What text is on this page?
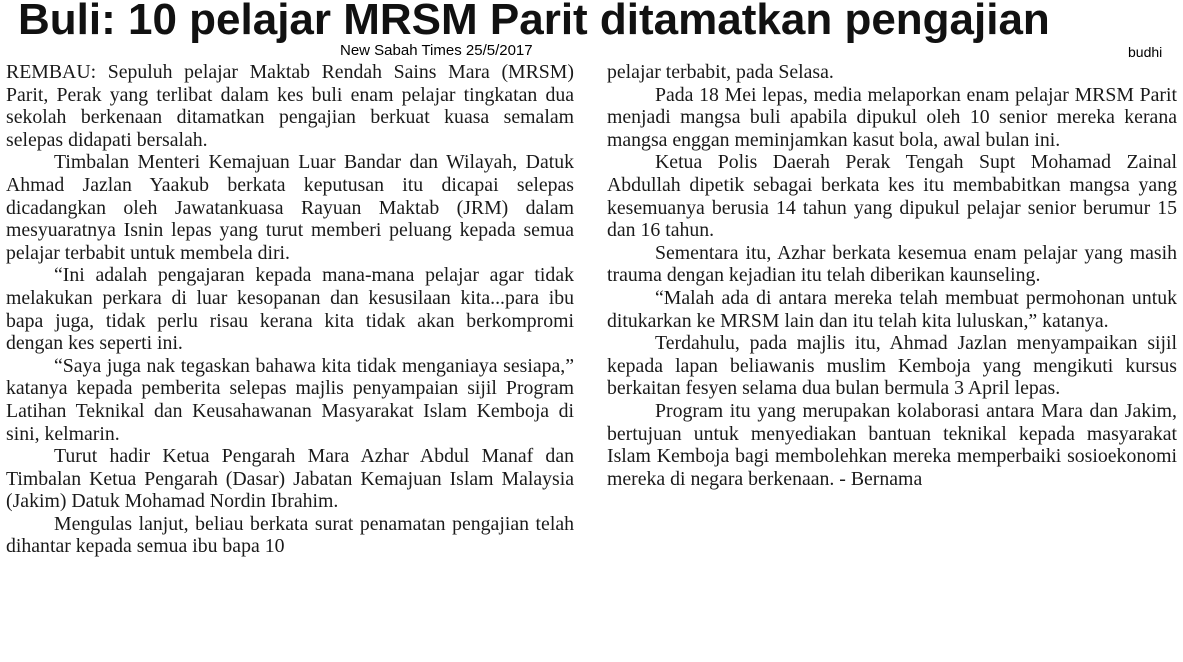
Buli: 10 pelajar MRSM Parit ditamatkan pengajian
New Sabah Times 25/5/2017	budhi

REMBAU: Sepuluh pelajar Maktab Rendah Sains Mara (MRSM) Parit, Perak yang terlibat dalam kes buli enam pelajar tingkatan dua sekolah berkenaan ditamatkan pengajian berkuat kuasa semalam selepas didapati bersalah.

Timbalan Menteri Kemajuan Luar Bandar dan Wilayah, Datuk Ahmad Jazlan Yaakub berkata keputusan itu dicapai selepas dicadangkan oleh Jawatankuasa Rayuan Maktab (JRM) dalam mesyuaratnya Isnin lepas yang turut memberi peluang kepada semua pelajar terbabit untuk membela diri.

“Ini adalah pengajaran kepada mana-mana pelajar agar tidak melakukan perkara di luar kesopanan dan kesusilaan kita...para ibu bapa juga, tidak perlu risau kerana kita tidak akan berkompromi dengan kes seperti ini.

“Saya juga nak tegaskan bahawa kita tidak menganiaya sesiapa,” katanya kepada pemberita selepas majlis penyampaian sijil Program Latihan Teknikal dan Keusahawanan Masyarakat Islam Kemboja di sini, kelmarin.

Turut hadir Ketua Pengarah Mara Azhar Abdul Manaf dan Timbalan Ketua Pengarah (Dasar) Jabatan Kemajuan Islam Malaysia (Jakim) Datuk Mohamad Nordin Ibrahim.

Mengulas lanjut, beliau berkata surat penamatan pengajian telah dihantar kepada semua ibu bapa 10

pelajar terbabit, pada Selasa.

Pada 18 Mei lepas, media melaporkan enam pelajar MRSM Parit menjadi mangsa buli apabila dipukul oleh 10 senior mereka kerana mangsa enggan meminjamkan kasut bola, awal bulan ini.

Ketua Polis Daerah Perak Tengah Supt Mohamad Zainal Abdullah dipetik sebagai berkata kes itu membabitkan mangsa yang kesemuanya berusia 14 tahun yang dipukul pelajar senior berumur 15 dan 16 tahun.

Sementara itu, Azhar berkata kesemua enam pelajar yang masih trauma dengan kejadian itu telah diberikan kaunseling.

“Malah ada di antara mereka telah membuat permohonan untuk ditukarkan ke MRSM lain dan itu telah kita luluskan,” katanya.

Terdahulu, pada majlis itu, Ahmad Jazlan menyampaikan sijil kepada lapan beliawanis muslim Kemboja yang mengikuti kursus berkaitan fesyen selama dua bulan bermula 3 April lepas.

Program itu yang merupakan kolaborasi antara Mara dan Jakim, bertujuan untuk menyediakan bantuan teknikal kepada masyarakat Islam Kemboja bagi membolehkan mereka memperbaiki sosioekonomi mereka di negara berkenaan. - Bernama
